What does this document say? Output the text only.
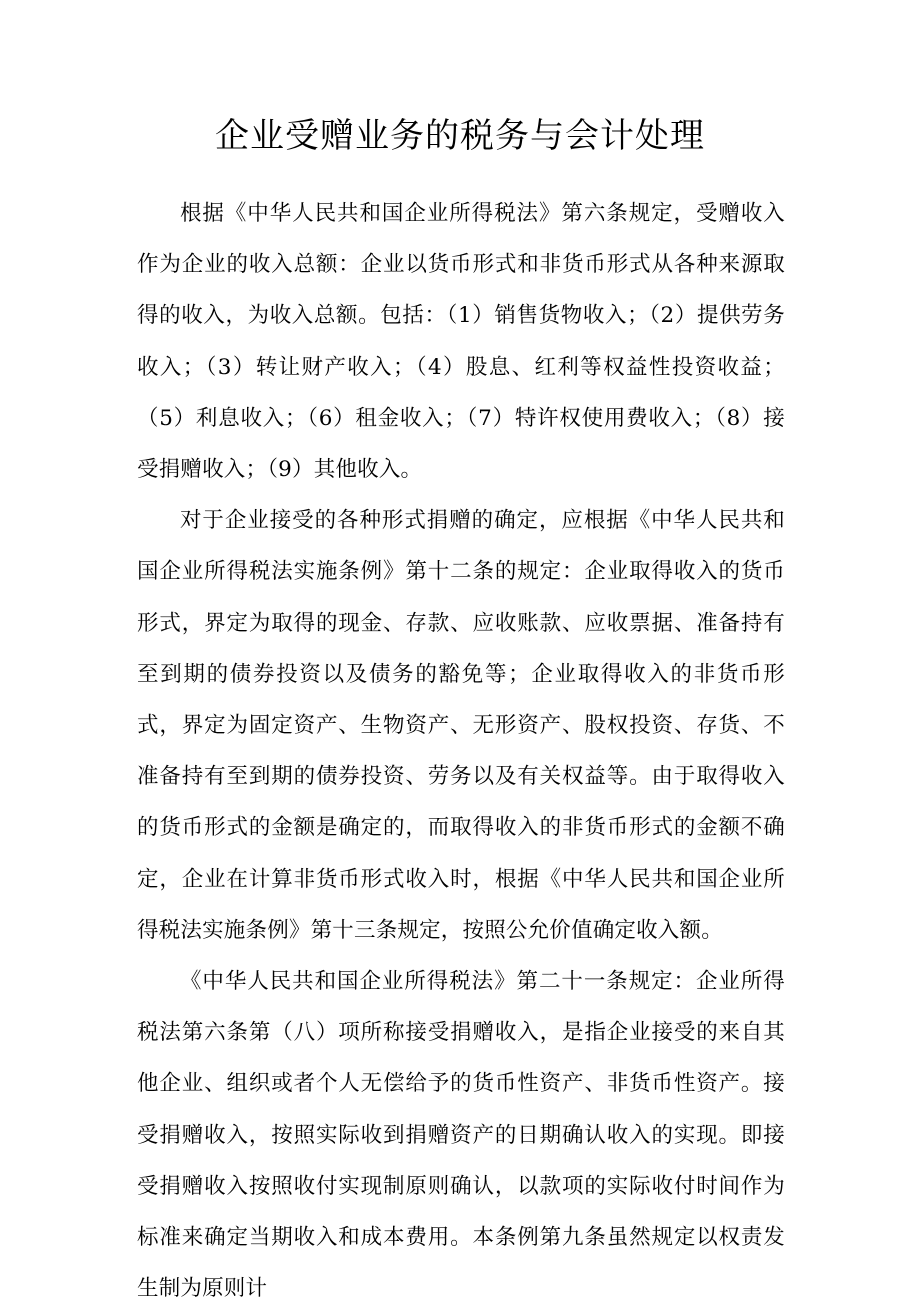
企业受赠业务的税务与会计处理

根据《中华人民共和国企业所得税法》第六条规定，受赠收入作为企业的收入总额：企业以货币形式和非货币形式从各种来源取得的收入，为收入总额。包括：（1）销售货物收入；（2）提供劳务收入；（3）转让财产收入；（4）股息、红利等权益性投资收益；（5）利息收入；（6）租金收入；（7）特许权使用费收入；（8）接受捐赠收入；（9）其他收入。

对于企业接受的各种形式捐赠的确定，应根据《中华人民共和国企业所得税法实施条例》第十二条的规定：企业取得收入的货币形式，界定为取得的现金、存款、应收账款、应收票据、准备持有至到期的债券投资以及债务的豁免等；企业取得收入的非货币形式，界定为固定资产、生物资产、无形资产、股权投资、存货、不准备持有至到期的债券投资、劳务以及有关权益等。由于取得收入的货币形式的金额是确定的，而取得收入的非货币形式的金额不确定，企业在计算非货币形式收入时，根据《中华人民共和国企业所得税法实施条例》第十三条规定，按照公允价值确定收入额。

《中华人民共和国企业所得税法》第二十一条规定：企业所得税法第六条第（八）项所称接受捐赠收入，是指企业接受的来自其他企业、组织或者个人无偿给予的货币性资产、非货币性资产。接受捐赠收入，按照实际收到捐赠资产的日期确认收入的实现。即接受捐赠收入按照收付实现制原则确认，以款项的实际收付时间作为标准来确定当期收入和成本费用。本条例第九条虽然规定以权责发生制为原则计
